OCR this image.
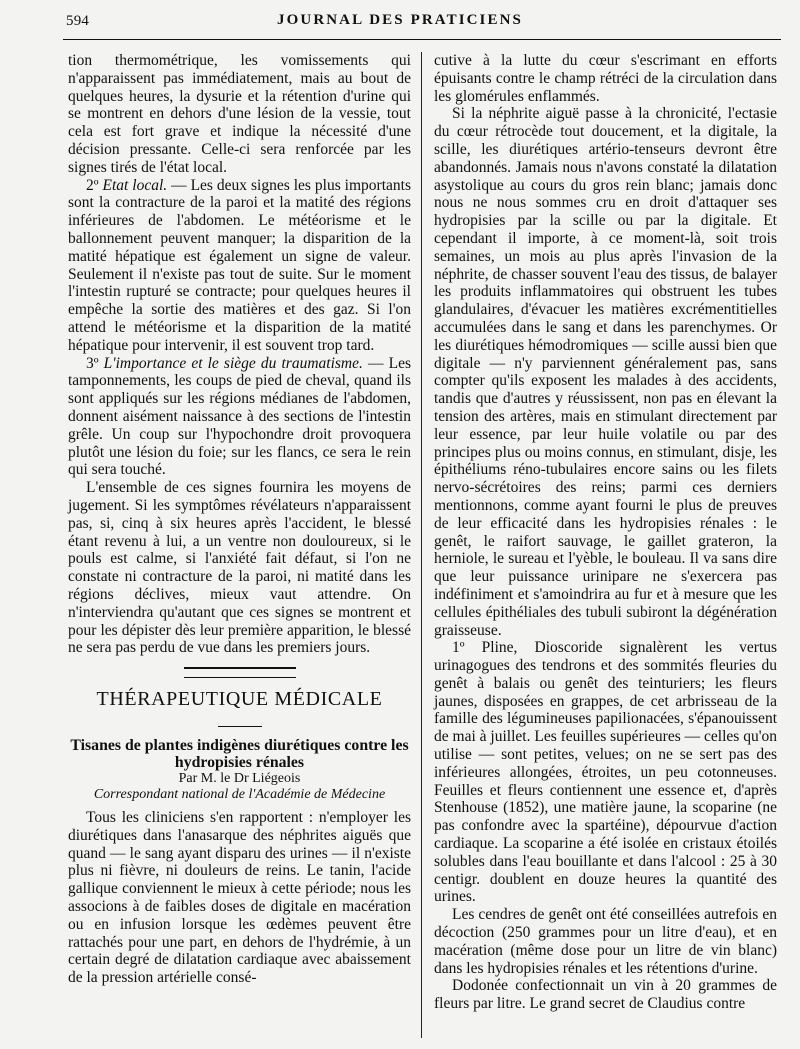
594	JOURNAL DES PRATICIENS

tion thermométrique, les vomissements qui n'apparaissent pas immédiatement, mais au bout de quelques heures, la dysurie et la rétention d'urine qui se montrent en dehors d'une lésion de la vessie, tout cela est fort grave et indique la nécessité d'une décision pressante. Celle-ci sera renforcée par les signes tirés de l'état local.

2º Etat local. — Les deux signes les plus importants sont la contracture de la paroi et la matité des régions inférieures de l'abdomen. Le météorisme et le ballonnement peuvent manquer; la disparition de la matité hépatique est également un signe de valeur. Seulement il n'existe pas tout de suite. Sur le moment l'intestin rupturé se contracte; pour quelques heures il empêche la sortie des matières et des gaz. Si l'on attend le météorisme et la disparition de la matité hépatique pour intervenir, il est souvent trop tard.

3º L'importance et le siège du traumatisme. — Les tamponnements, les coups de pied de cheval, quand ils sont appliqués sur les régions médianes de l'abdomen, donnent aisément naissance à des sections de l'intestin grêle. Un coup sur l'hypochondre droit provoquera plutôt une lésion du foie; sur les flancs, ce sera le rein qui sera touché.

L'ensemble de ces signes fournira les moyens de jugement. Si les symptômes révélateurs n'apparaissent pas, si, cinq à six heures après l'accident, le blessé étant revenu à lui, a un ventre non douloureux, si le pouls est calme, si l'anxiété fait défaut, si l'on ne constate ni contracture de la paroi, ni matité dans les régions déclives, mieux vaut attendre. On n'interviendra qu'autant que ces signes se montrent et pour les dépister dès leur première apparition, le blessé ne sera pas perdu de vue dans les premiers jours.

THÉRAPEUTIQUE MÉDICALE
Tisanes de plantes indigènes diurétiques contre les hydropisies rénales

Par M. le Dr Liégeois

Correspondant national de l'Académie de Médecine

Tous les cliniciens s'en rapportent : n'employer les diurétiques dans l'anasarque des néphrites aiguës que quand — le sang ayant disparu des urines — il n'existe plus ni fièvre, ni douleurs de reins. Le tanin, l'acide gallique conviennent le mieux à cette période; nous les associons à de faibles doses de digitale en macération ou en infusion lorsque les œdèmes peuvent être rattachés pour une part, en dehors de l'hydrémie, à un certain degré de dilatation cardiaque avec abaissement de la pression artérielle consé-

cutive à la lutte du cœur s'escrimant en efforts épuisants contre le champ rétréci de la circulation dans les glomérules enflammés.

Si la néphrite aiguë passe à la chronicité, l'ectasie du cœur rétrocède tout doucement, et la digitale, la scille, les diurétiques artério-tenseurs devront être abandonnés. Jamais nous n'avons constaté la dilatation asystolique au cours du gros rein blanc; jamais donc nous ne nous sommes cru en droit d'attaquer ses hydropisies par la scille ou par la digitale. Et cependant il importe, à ce moment-là, soit trois semaines, un mois au plus après l'invasion de la néphrite, de chasser souvent l'eau des tissus, de balayer les produits inflammatoires qui obstruent les tubes glandulaires, d'évacuer les matières excrémentitielles accumulées dans le sang et dans les parenchymes. Or les diurétiques hémodromiques — scille aussi bien que digitale — n'y parviennent généralement pas, sans compter qu'ils exposent les malades à des accidents, tandis que d'autres y réussissent, non pas en élevant la tension des artères, mais en stimulant directement par leur essence, par leur huile volatile ou par des principes plus ou moins connus, en stimulant, disje, les épithéliums réno-tubulaires encore sains ou les filets nervo-sécrétoires des reins; parmi ces derniers mentionnons, comme ayant fourni le plus de preuves de leur efficacité dans les hydropisies rénales : le genêt, le raifort sauvage, le gaillet grateron, la herniole, le sureau et l'yèble, le bouleau. Il va sans dire que leur puissance urinipare ne s'exercera pas indéfiniment et s'amoindrira au fur et à mesure que les cellules épithéliales des tubuli subiront la dégénération graisseuse.

1º Pline, Dioscoride signalèrent les vertus urinagogues des tendrons et des sommités fleuries du genêt à balais ou genêt des teinturiers; les fleurs jaunes, disposées en grappes, de cet arbrisseau de la famille des légumineuses papilionacées, s'épanouissent de mai à juillet. Les feuilles supérieures — celles qu'on utilise — sont petites, velues; on ne se sert pas des inférieures allongées, étroites, un peu cotonneuses. Feuilles et fleurs contiennent une essence et, d'après Stenhouse (1852), une matière jaune, la scoparine (ne pas confondre avec la spartéine), dépourvue d'action cardiaque. La scoparine a été isolée en cristaux étoilés solubles dans l'eau bouillante et dans l'alcool : 25 à 30 centigr. doublent en douze heures la quantité des urines.

Les cendres de genêt ont été conseillées autrefois en décoction (250 grammes pour un litre d'eau), et en macération (même dose pour un litre de vin blanc) dans les hydropisies rénales et les rétentions d'urine.

Dodonée confectionnait un vin à 20 grammes de fleurs par litre. Le grand secret de Claudius contre
